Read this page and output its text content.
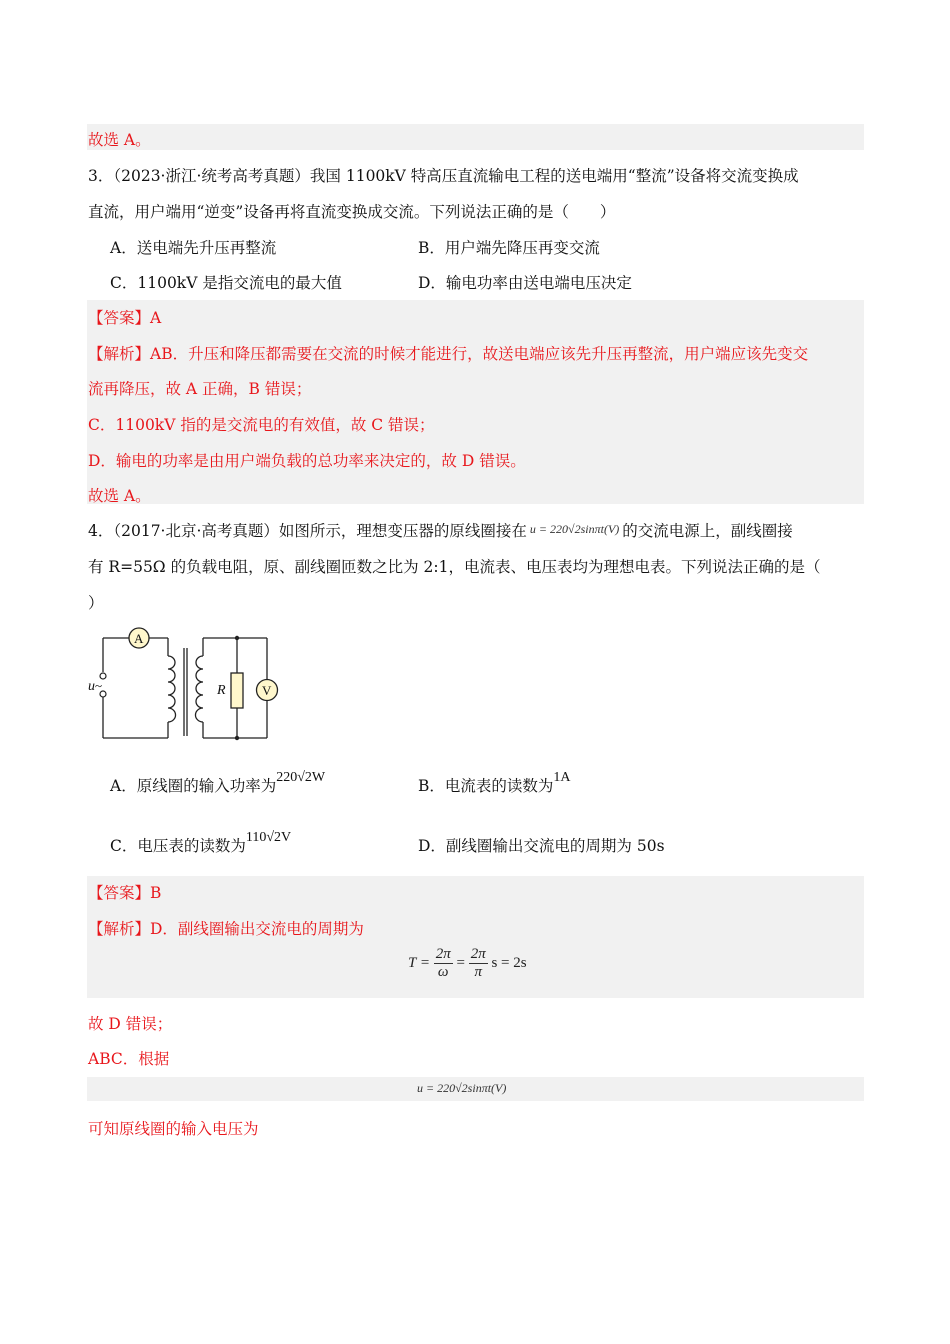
故选 A。
3．（2023·浙江·统考高考真题）我国 1100kV 特高压直流输电工程的送电端用“整流”设备将交流变换成
直流，用户端用“逆变”设备再将直流变换成交流。下列说法正确的是（　　）
A．送电端先升压再整流	B．用户端先降压再变交流
C．1100kV 是指交流电的最大值	D．输电功率由送电端电压决定
【答案】A
【解析】AB．升压和降压都需要在交流的时候才能进行，故送电端应该先升压再整流，用户端应该先变交
流再降压，故 A 正确，B 错误；
C．1100kV 指的是交流电的有效值，故 C 错误；
D．输电的功率是由用户端负载的总功率来决定的，故 D 错误。
故选 A。
4．（2017·北京·高考真题）如图所示，理想变压器的原线圈接在 u = 220√2sinπt(V) 的交流电源上，副线圈接
有 R=55Ω 的负载电阻，原、副线圈匝数之比为 2:1，电流表、电压表均为理想电表。下列说法正确的是（
）
u ~
A
R	V
A．原线圈的输入功率为220√2W	B．电流表的读数为1A
C．电压表的读数为110√2V	D．副线圈输出交流电的周期为 50s
【答案】B
【解析】D．副线圈输出交流电的周期为
$T = \frac{2\pi}{\omega} = \frac{2\pi}{\pi}$ s = 2s
故 D 错误；
ABC．根据
u = 220√2sinπt(V)
可知原线圈的输入电压为
